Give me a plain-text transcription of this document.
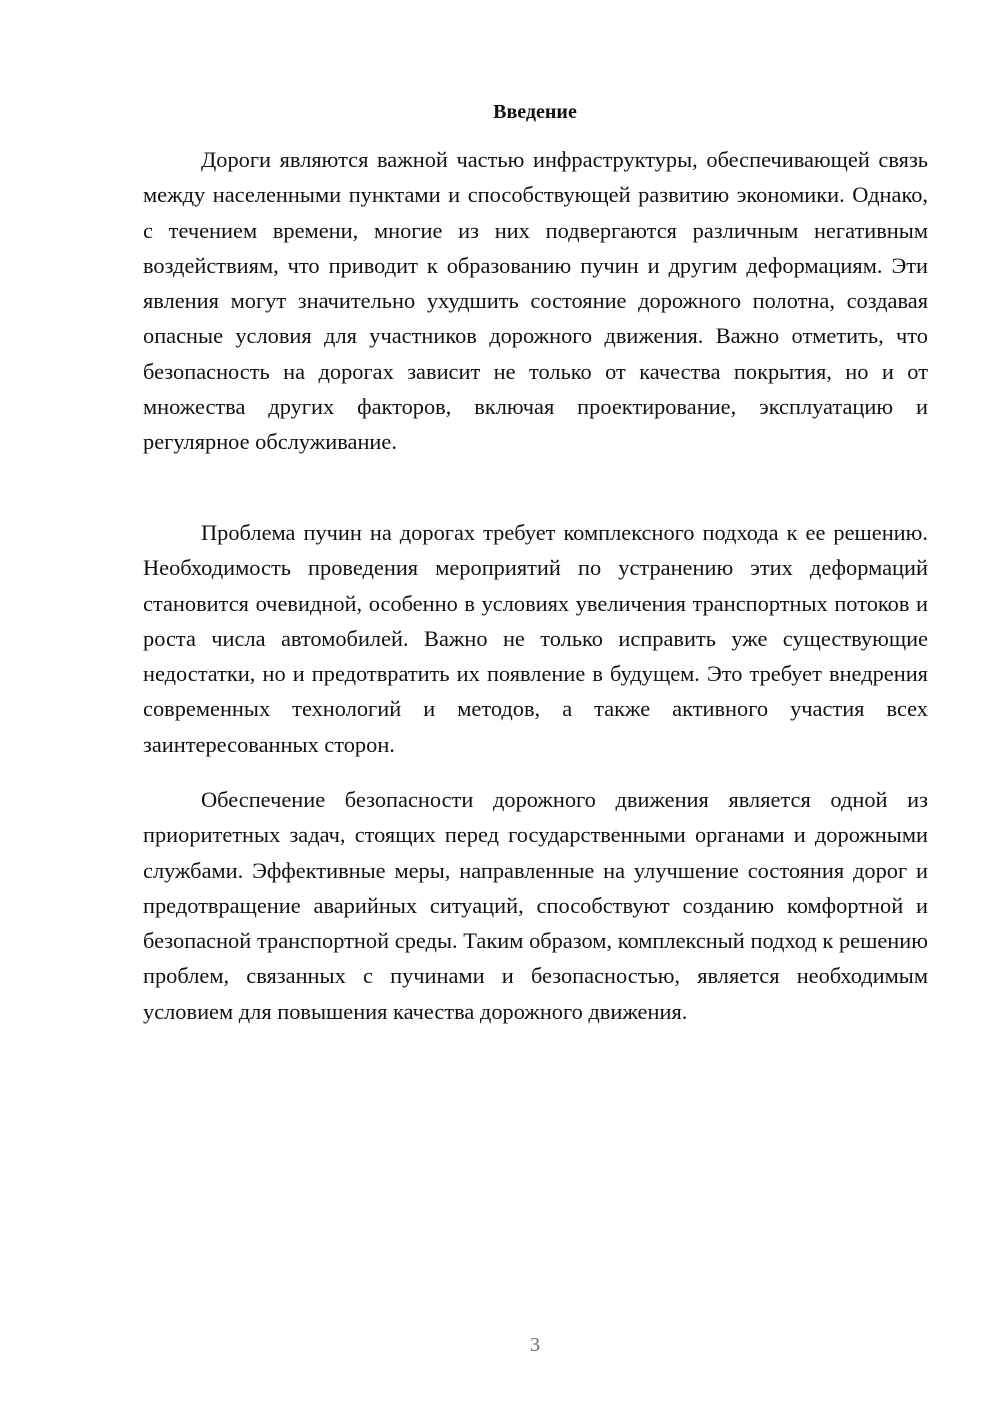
Введение

Дороги являются важной частью инфраструктуры, обеспечивающей связь между населенными пунктами и способствующей развитию экономики. Однако, с течением времени, многие из них подвергаются различным негативным воздействиям, что приводит к образованию пучин и другим деформациям. Эти явления могут значительно ухудшить состояние дорожного полотна, создавая опасные условия для участников дорожного движения. Важно отметить, что безопасность на дорогах зависит не только от качества покрытия, но и от множества других факторов, включая проектирование, эксплуатацию и регулярное обслуживание.

Проблема пучин на дорогах требует комплексного подхода к ее решению. Необходимость проведения мероприятий по устранению этих деформаций становится очевидной, особенно в условиях увеличения транспортных потоков и роста числа автомобилей. Важно не только исправить уже существующие недостатки, но и предотвратить их появление в будущем. Это требует внедрения современных технологий и методов, а также активного участия всех заинтересованных сторон.

Обеспечение безопасности дорожного движения является одной из приоритетных задач, стоящих перед государственными органами и дорожными службами. Эффективные меры, направленные на улучшение состояния дорог и предотвращение аварийных ситуаций, способствуют созданию комфортной и безопасной транспортной среды. Таким образом, комплексный подход к решению проблем, связанных с пучинами и безопасностью, является необходимым условием для повышения качества дорожного движения.

3
